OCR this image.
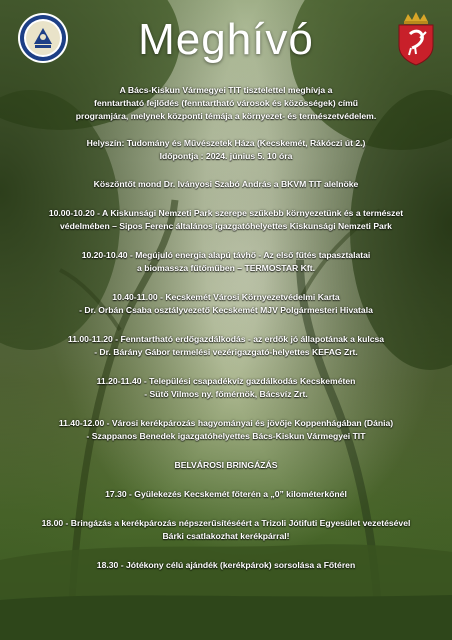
Meghívó
A Bács-Kiskun Vármegyei TIT tisztelettel meghívja a
fenntartható fejlődés (fenntartható városok és közösségek) című
programjára, melynek központi témája a környezet- és természetvédelem.
Helyszín: Tudomány és Művészetek Háza (Kecskemét, Rákóczi út 2.)
Időpontja : 2024. június 5. 10 óra
Köszöntőt mond Dr. Iványosi Szabó András a BKVM TIT alelnöke
10.00-10.20 - A Kiskunsági Nemzeti Park szerepe szűkebb környezetünk és a természet
védelmében – Sipos Ferenc általános igazgatóhelyettes Kiskunsági Nemzeti Park
10.20-10.40 - Megújuló energia alapú távhő - Az első fűtés tapasztalatai
a biomassza fűtőműben – TERMOSTAR Kft.
10.40-11.00 - Kecskemét Városi Környezetvédelmi Karta
- Dr. Orbán Csaba osztályvezető Kecskemét MJV Polgármesteri Hivatala
11.00-11.20 - Fenntartható erdőgazdálkodás - az erdők jó állapotának a kulcsa
- Dr. Bárány Gábor termelési vezérigazgató-helyettes KEFAG Zrt.
11.20-11.40 - Települési csapadékvíz gazdálkodás Kecskeméten
- Sütő Vilmos ny. főmérnök, Bácsvíz Zrt.
11.40-12.00 - Városi kerékpározás hagyományai és jövője Koppenhágában (Dánia)
- Szappanos Benedek igazgatóhelyettes Bács-Kiskun Vármegyei TIT
BELVÁROSI BRINGÁZÁS
17.30 - Gyülekezés Kecskemét főterén a „0” kilométerkőnél
18.00 - Bringázás a kerékpározás népszerűsítéséért a Trizoli Jótifuti Egyesület vezetésével
Bárki csatlakozhat kerékpárral!
18.30 - Jótékony célú ajándék (kerékpárok) sorsolása a Főtéren
